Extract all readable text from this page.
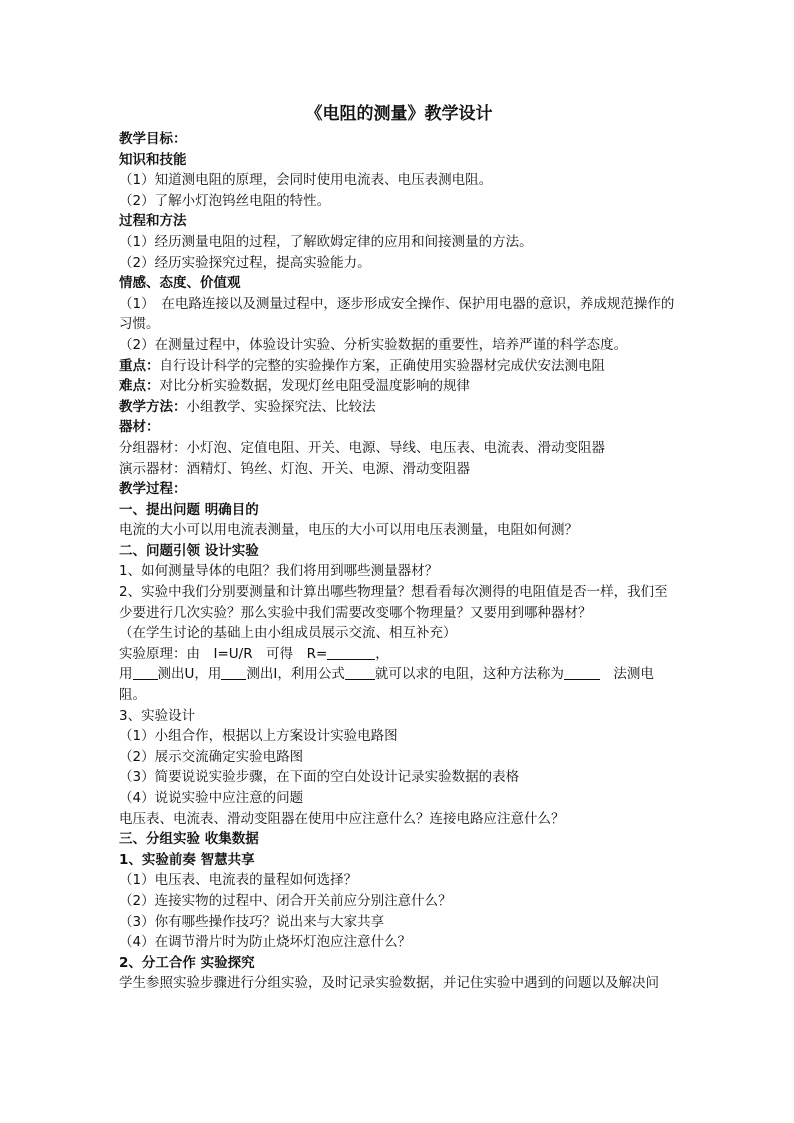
《电阻的测量》教学设计
教学目标：
知识和技能
（1）知道测电阻的原理，会同时使用电流表、电压表测电阻。
（2）了解小灯泡钨丝电阻的特性。
过程和方法
（1）经历测量电阻的过程，了解欧姆定律的应用和间接测量的方法。
（2）经历实验探究过程，提高实验能力。
情感、态度、价值观
（1）　在电路连接以及测量过程中，逐步形成安全操作、保护用电器的意识，养成规范操作的习惯。
（2）在测量过程中，体验设计实验、分析实验数据的重要性，培养严谨的科学态度。
重点：自行设计科学的完整的实验操作方案，正确使用实验器材完成伏安法测电阻
难点：对比分析实验数据，发现灯丝电阻受温度影响的规律
教学方法：小组教学、实验探究法、比较法
器材：
分组器材：小灯泡、定值电阻、开关、电源、导线、电压表、电流表、滑动变阻器
演示器材：酒精灯、钨丝、灯泡、开关、电源、滑动变阻器
教学过程：
一、提出问题 明确目的
电流的大小可以用电流表测量，电压的大小可以用电压表测量，电阻如何测？
二、问题引领 设计实验
1、如何测量导体的电阻？我们将用到哪些测量器材？
2、实验中我们分别要测量和计算出哪些物理量？想看看每次测得的电阻值是否一样，我们至少要进行几次实验？那么实验中我们需要改变哪个物理量？又要用到哪种器材？
（在学生讨论的基础上由小组成员展示交流、相互补充）
实验原理：由　I=U/R　可得　R=	，
用 测出U，用 测出I，利用公式 就可以求的电阻，这种方法称为	　法测电阻。
3、实验设计
（1）小组合作，根据以上方案设计实验电路图
（2）展示交流确定实验电路图
（3）简要说说实验步骤，在下面的空白处设计记录实验数据的表格
（4）说说实验中应注意的问题
电压表、电流表、滑动变阻器在使用中应注意什么？连接电路应注意什么？
三、分组实验 收集数据
1、实验前奏 智慧共享
（1）电压表、电流表的量程如何选择？
（2）连接实物的过程中、闭合开关前应分别注意什么？
（3）你有哪些操作技巧？说出来与大家共享
（4）在调节滑片时为防止烧坏灯泡应注意什么？
2、分工合作 实验探究
学生参照实验步骤进行分组实验，及时记录实验数据，并记住实验中遇到的问题以及解决问
